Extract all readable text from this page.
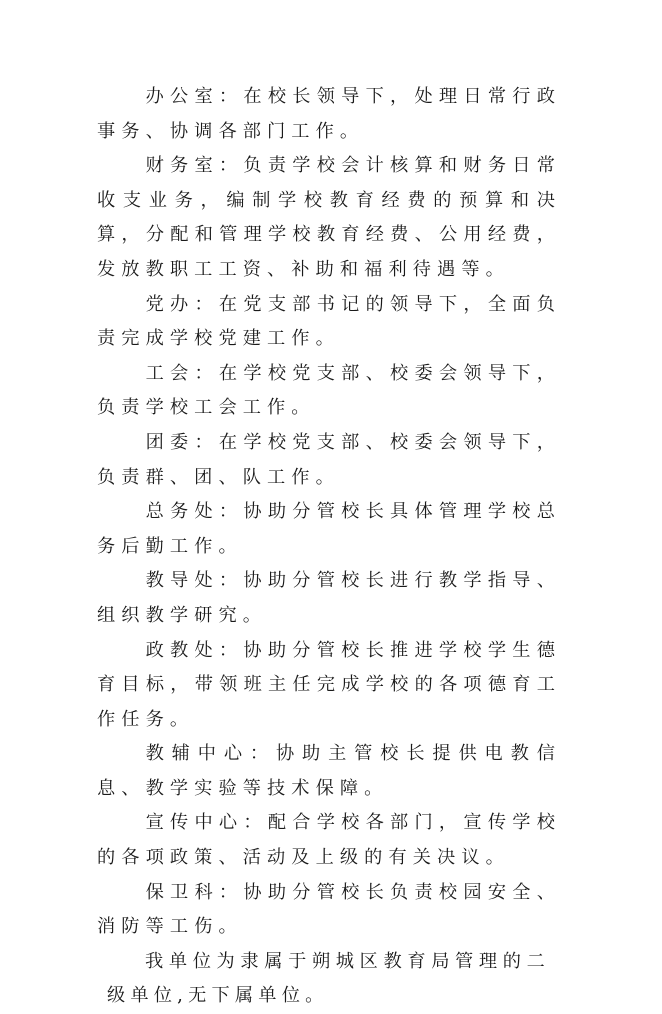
办公室：在校长领导下，处理日常行政事务、协调各部门工作。

财务室：负责学校会计核算和财务日常收支业务，编制学校教育经费的预算和决算，分配和管理学校教育经费、公用经费，发放教职工工资、补助和福利待遇等。

党办：在党支部书记的领导下，全面负责完成学校党建工作。

工会：在学校党支部、校委会领导下，负责学校工会工作。

团委：在学校党支部、校委会领导下，负责群、团、队工作。

总务处：协助分管校长具体管理学校总务后勤工作。

教导处：协助分管校长进行教学指导、组织教学研究。

政教处：协助分管校长推进学校学生德育目标，带领班主任完成学校的各项德育工作任务。

教辅中心：协助主管校长提供电教信息、教学实验等技术保障。

宣传中心：配合学校各部门，宣传学校的各项政策、活动及上级的有关决议。

保卫科：协助分管校长负责校园安全、消防等工伤。

我单位为隶属于朔城区教育局管理的二级单位,无下属单位。
